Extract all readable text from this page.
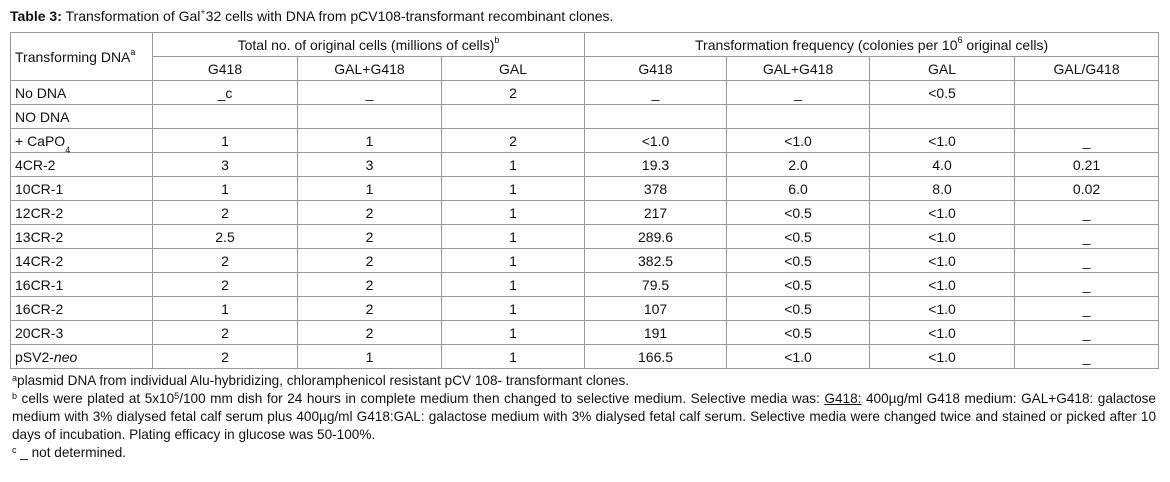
Table 3: Transformation of Gal+32 cells with DNA from pCV108-transformant recombinant clones.
Transforming DNA$^a$	Total no. of original cells (millions of cells)$^b$			Transformation frequency (colonies per $10^6$ original cells)			
	G418	GAL+G418	GAL	G418	GAL+G418	GAL	GAL/G418
No DNA	_c	_	2	_	_	<0.5	
NO DNA							
+ CaPO$_4$	1	1	2	<1.0	<1.0	<1.0	_
4CR-2	3	3	1	19.3	2.0	4.0	0.21
10CR-1	1	1	1	378	6.0	8.0	0.02
12CR-2	2	2	1	217	<0.5	<1.0	_
13CR-2	2.5	2	1	289.6	<0.5	<1.0	_
14CR-2	2	2	1	382.5	<0.5	<1.0	_
16CR-1	2	2	1	79.5	<0.5	<1.0	_
16CR-2	1	2	1	107	<0.5	<1.0	_
20CR-3	2	2	1	191	<0.5	<1.0	_
pSV2-neo	2	1	1	166.5	<1.0	<1.0	_

$^a$plasmid DNA from individual Alu-hybridizing, chloramphenicol resistant pCV 108- transformant clones.

$^b$ cells were plated at $5x10^5/100$ mm dish for 24 hours in complete medium then changed to selective medium. Selective media was: G418: 400µg/ml G418 medium: GAL+G418: galactose medium with 3% dialysed fetal calf serum plus 400µg/ml G418:GAL: galactose medium with 3% dialysed fetal calf serum. Selective media were changed twice and stained or picked after 10 days of incubation. Plating efficacy in glucose was 50-100%.

$^c$ _ not determined.
